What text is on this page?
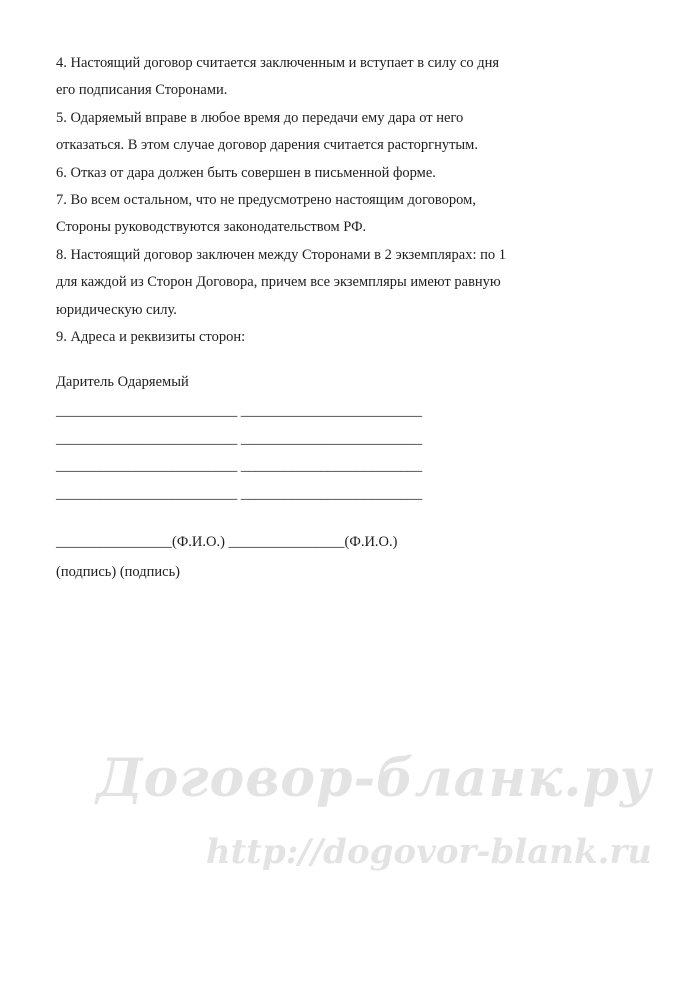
4. Настоящий договор считается заключенным и вступает в силу со дня
его подписания Сторонами.
5. Одаряемый вправе в любое время до передачи ему дара от него
отказаться. В этом случае договор дарения считается расторгнутым.
6. Отказ от дара должен быть совершен в письменной форме.
7. Во всем остальном, что не предусмотрено настоящим договором,
Стороны руководствуются законодательством РФ.
8. Настоящий договор заключен между Сторонами в 2 экземплярах: по 1
для каждой из Сторон Договора, причем все экземпляры имеют равную
юридическую силу.
9. Адреса и реквизиты сторон:
Даритель Одаряемый
_________________________ _________________________
_________________________ _________________________
_________________________ _________________________
_________________________ _________________________
________________(Ф.И.О.) ________________(Ф.И.О.)
(подпись) (подпись)
Договор-бланк.ру
http://dogovor-blank.ru
